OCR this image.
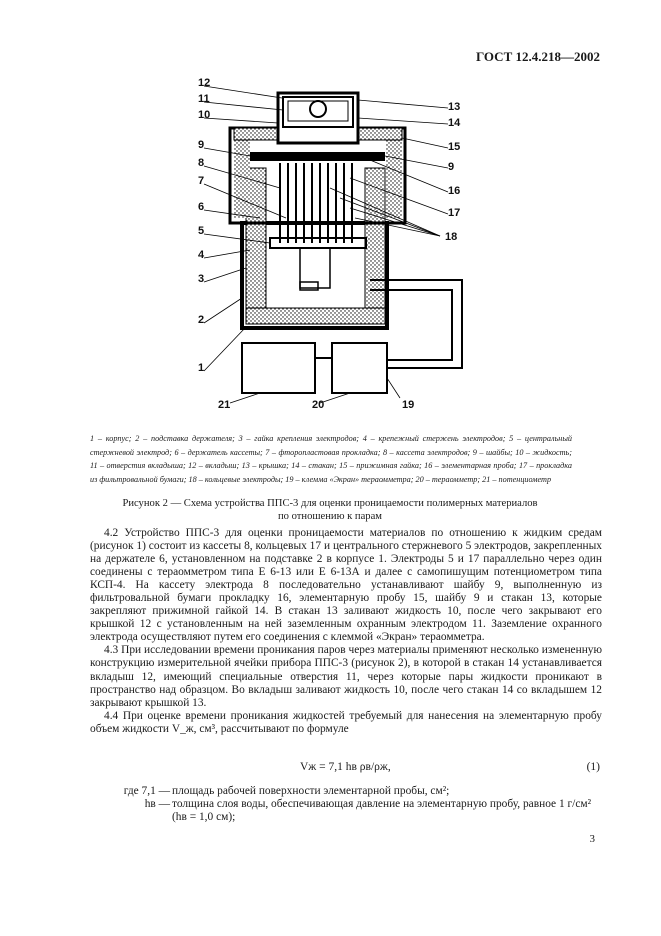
ГОСТ 12.4.218—2002
12
11
10
9
8
7
6
5
4
3
2
1
13
14
15
9
16
17
18
21	20	19
1 – корпус; 2 – подставка держателя; 3 – гайка крепления электродов; 4 – крепежный стержень электродов; 5 – центральный стержневой электрод; 6 – держатель кассеты; 7 – фторопластовая прокладка; 8 – кассета электродов; 9 – шайбы; 10 – жидкость; 11 – отверстия вкладыша; 12 – вкладыш; 13 – крышка; 14 – стакан; 15 – прижимная гайка; 16 – элементарная проба; 17 – прокладка из фильтровальной бумаги; 18 – кольцевые электроды; 19 – клемма «Экран» тераомметра; 20 – тераомметр; 21 – потенциометр
Рисунок 2 — Схема устройства ППС-3 для оценки проницаемости полимерных материалов
по отношению к парам

4.2 Устройство ППС-3 для оценки проницаемости материалов по отношению к жидким средам (рисунок 1) состоит из кассеты 8, кольцевых 17 и центрального стержневого 5 электродов, закрепленных на держателе 6, установленном на подставке 2 в корпусе 1. Электроды 5 и 17 параллельно через один соединены с тераомметром типа Е 6-13 или Е 6-13А и далее с самопишущим потенциометром типа КСП-4. На кассету электрода 8 последовательно устанавливают шайбу 9, выполненную из фильтровальной бумаги прокладку 16, элементарную пробу 15, шайбу 9 и стакан 13, которые закрепляют прижимной гайкой 14. В стакан 13 заливают жидкость 10, после чего закрывают его крышкой 12 с установленным на ней заземленным охранным электродом 11. Заземление охранного электрода осуществляют путем его соединения с клеммой «Экран» тераомметра.

4.3 При исследовании времени проникания паров через материалы применяют несколько измененную конструкцию измерительной ячейки прибора ППС-3 (рисунок 2), в которой в стакан 14 устанавливается вкладыш 12, имеющий специальные отверстия 11, через которые пары жидкости проникают в пространство над образцом. Во вкладыш заливают жидкость 10, после чего стакан 14 со вкладышем 12 закрывают крышкой 13.

4.4 При оценке времени проникания жидкостей требуемый для нанесения на элементарную пробу объем жидкости V_ж, см³, рассчитывают по формуле

Vж = 7,1 hв ρв/ρж,	(1)
где 7,1 — площадь рабочей поверхности элементарной пробы, см²;
hв — толщина слоя воды, обеспечивающая давление на элементарную пробу, равное 1 г/см² (hв = 1,0 см);
3
